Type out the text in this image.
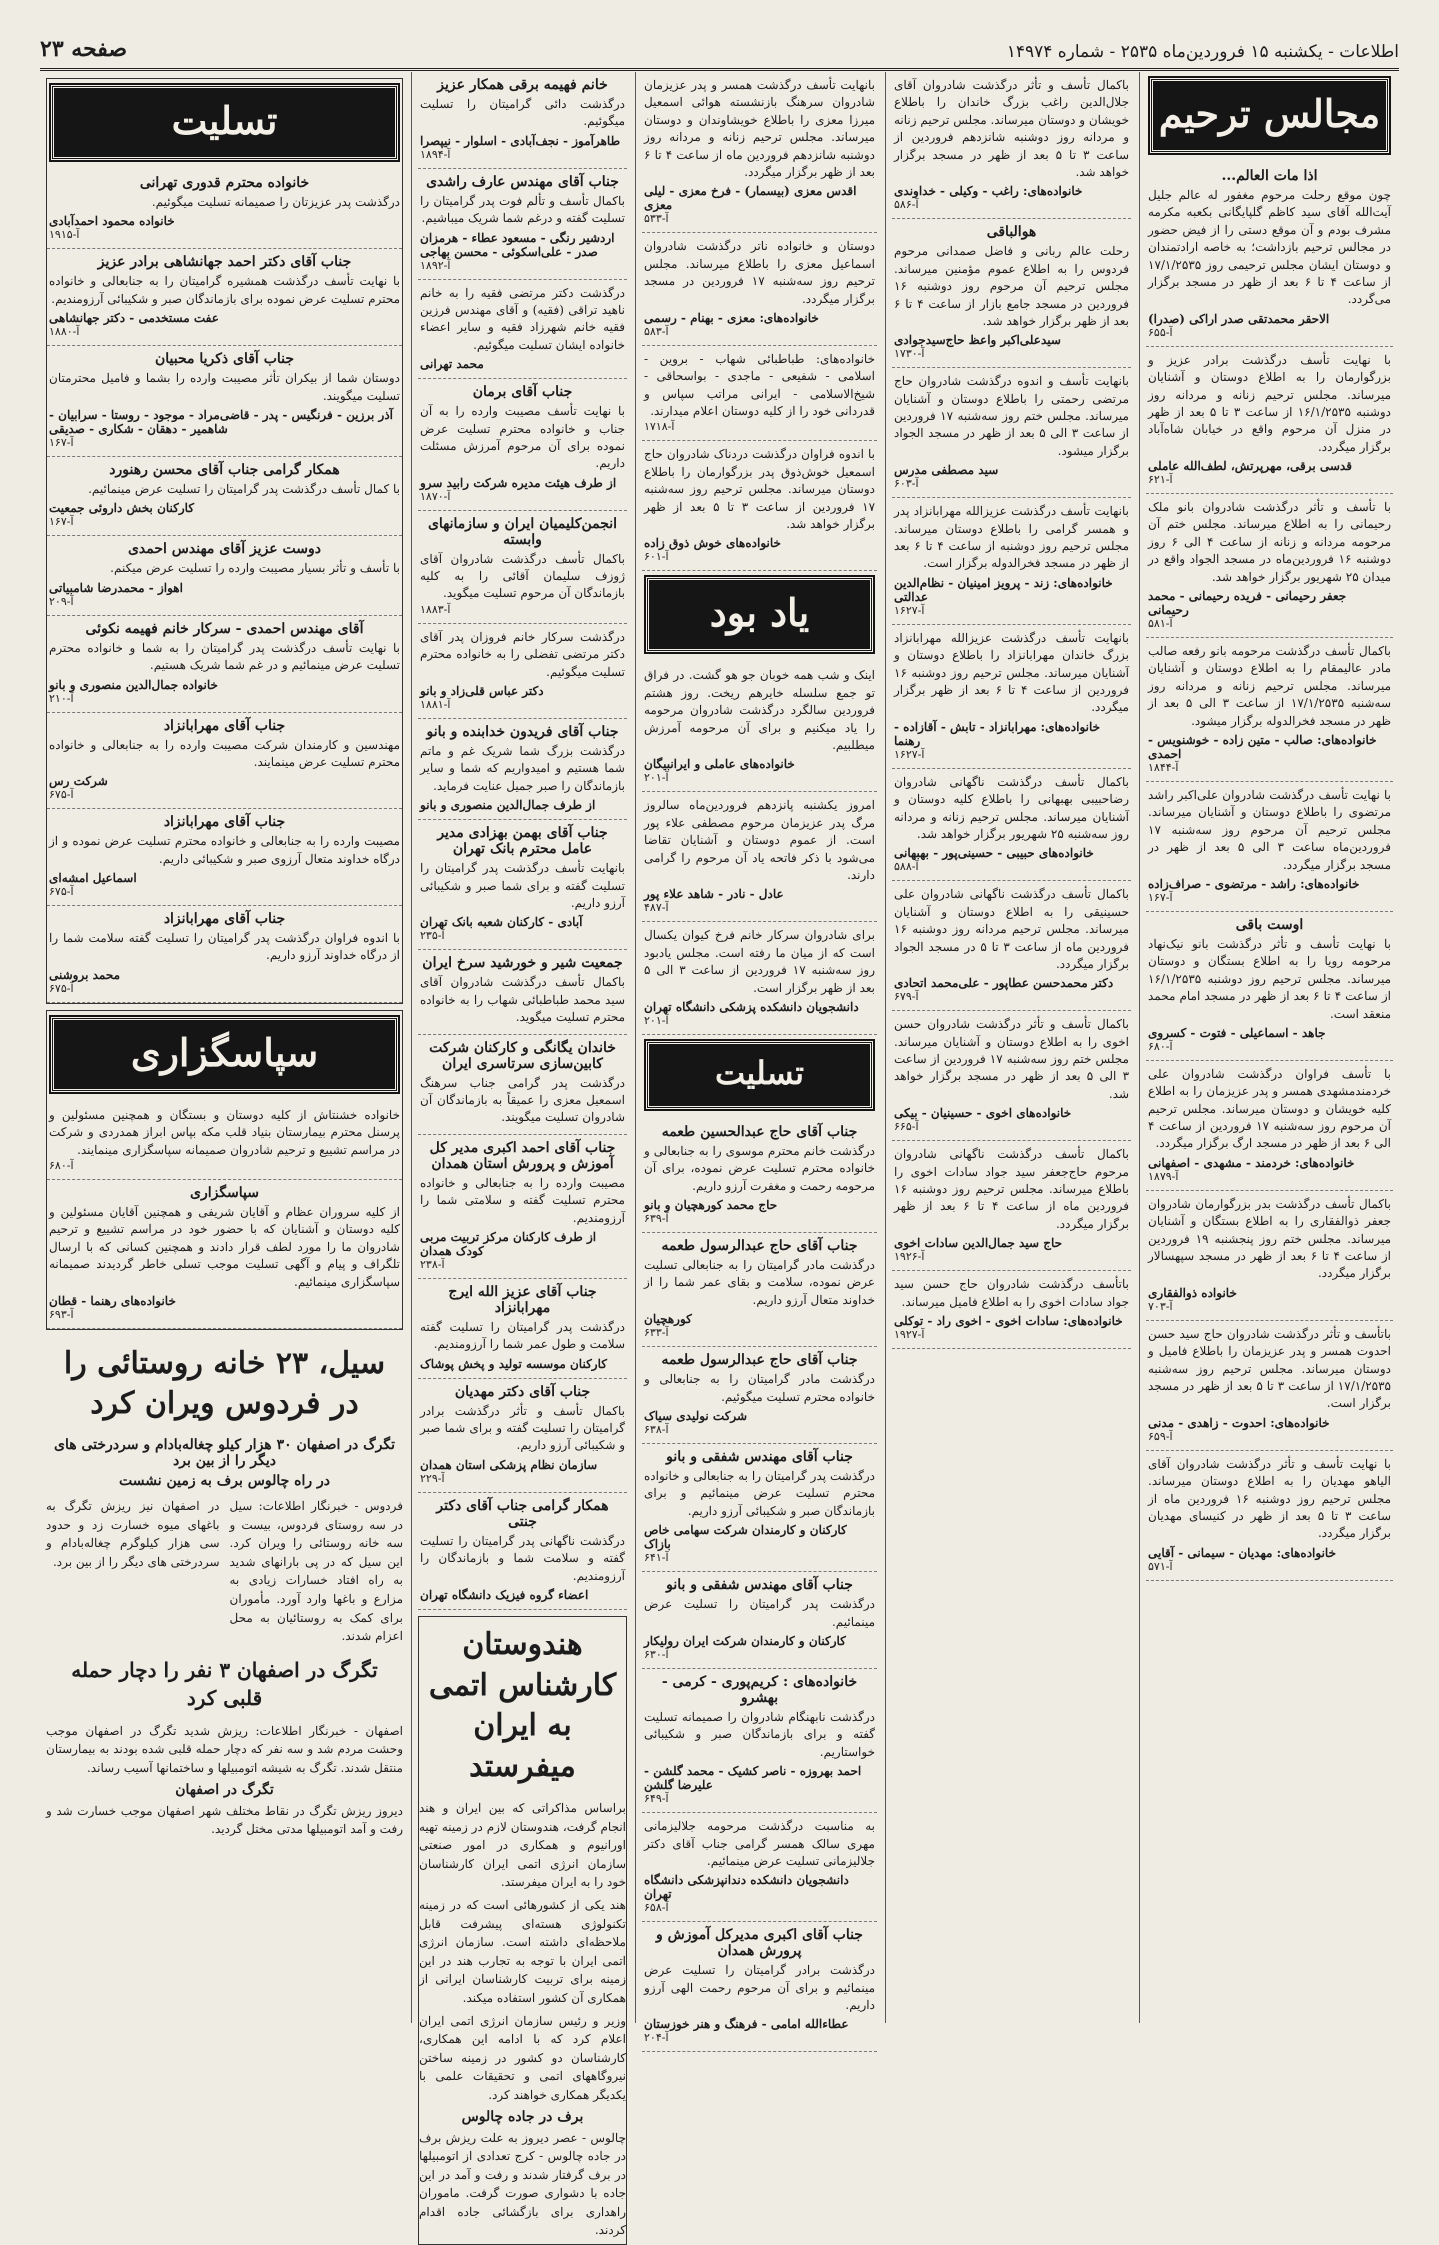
اطلاعات - یکشنبه ۱۵ فروردین‌ماه ۲۵۳۵ - شماره ۱۴۹۷۴
صفحه ۲۳
مجالس ترحیم
اذا مات العالم...
چون موقع رحلت مرحوم مغفور له عالم جلیل آیت‌الله آقای سید کاظم گلپایگانی بکعبه مکرمه مشرف بودم و آن موقع دستی را از فیض حضور در مجالس ترحیم بازداشت؛ به خاصه ارادتمندان و دوستان ایشان مجلس ترحیمی روز ۱۷/۱/۲۵۳۵ از ساعت ۴ تا ۶ بعد از ظهر در مسجد برگزار می‌گردد.
الاحقر محمدتقی صدر اراکی (صدرا)
آ-۶۵۵
با نهایت تأسف درگذشت برادر عزیز و بزرگوارمان را به اطلاع دوستان و آشنایان میرساند. مجلس ترحیم زنانه و مردانه روز دوشنبه ۱۶/۱/۲۵۳۵ از ساعت ۳ تا ۵ بعد از ظهر در منزل آن مرحوم واقع در خیابان شاه‌آباد برگزار میگردد.
قدسی برقی، مهرپرتش، لطف‌الله عاملی
آ-۶۲۱
با تأسف و تأثر درگذشت شادروان بانو ملک رحیمانی را به اطلاع میرساند. مجلس ختم آن مرحومه مردانه و زنانه از ساعت ۴ الی ۶ روز دوشنبه ۱۶ فروردین‌ماه در مسجد الجواد واقع در میدان ۲۵ شهریور برگزار خواهد شد.
جعفر رحیمانی - فریده رحیمانی - محمد رحیمانی
آ-۵۸۱
باکمال تأسف درگذشت مرحومه بانو رفعه صالب مادر عالیمقام را به اطلاع دوستان و آشنایان میرساند. مجلس ترحیم زنانه و مردانه روز سه‌شنبه ۱۷/۱/۲۵۳۵ از ساعت ۳ الی ۵ بعد از ظهر در مسجد فخرالدوله برگزار میشود.
خانواده‌های: صالب - متین زاده - خوشنویس - احمدی
آ-۱۸۴۴
با نهایت تأسف درگذشت شادروان علی‌اکبر راشد مرتضوی را باطلاع دوستان و آشنایان میرساند. مجلس ترحیم آن مرحوم روز سه‌شنبه ۱۷ فروردین‌ماه ساعت ۳ الی ۵ بعد از ظهر در مسجد برگزار میگردد.
خانواده‌های: راشد - مرتضوی - صراف‌زاده
آ-۱۶۷
اوست باقی
با نهایت تأسف و تأثر درگذشت بانو نیک‌نهاد مرحومه رویا را به اطلاع بستگان و دوستان میرساند. مجلس ترحیم روز دوشنبه ۱۶/۱/۲۵۳۵ از ساعت ۴ تا ۶ بعد از ظهر در مسجد امام محمد منعقد است.
جاهد - اسماعیلی - فتوت - کسروی
آ-۶۸۰
با تأسف فراوان درگذشت شادروان علی ‌خردمندمشهدی همسر و پدر عزیزمان را به اطلاع کلیه خویشان و دوستان میرساند. مجلس ترحیم آن مرحوم روز سه‌شنبه ۱۷ فروردین از ساعت ۴ الی ۶ بعد از ظهر در مسجد ارگ برگزار میگردد.
خانواده‌های: خردمند - مشهدی - اصفهانی
آ-۱۸۷۹
باکمال تأسف درگذشت بدر بزرگوارمان شادروان جعفر ذوالفقاری را به اطلاع بستگان و آشنایان میرساند. مجلس ختم روز پنجشنبه ۱۹ فروردین از ساعت ۴ تا ۶ بعد از ظهر در مسجد سپهسالار برگزار میگردد.
خانواده ذوالفقاری
آ-۷۰۳
باتأسف و تأثر درگذشت شادروان حاج سید حسن احدوت همسر و پدر عزیزمان را باطلاع فامیل و دوستان میرساند. مجلس ترحیم روز سه‌شنبه ۱۷/۱/۲۵۳۵ از ساعت ۳ تا ۵ بعد از ظهر در مسجد برگزار است.
خانواده‌های: احدوت - زاهدی - مدنی
آ-۶۵۹
با نهایت تأسف و تأثر درگذشت شادروان آقای الیاهو مهدیان را به اطلاع دوستان میرساند. مجلس ترحیم روز دوشنبه ۱۶ فروردین ماه از ساعت ۳ تا ۵ بعد از ظهر در کنیسای مهدیان برگزار میگردد.
خانواده‌های: مهدیان - سیمانی - آقایی
آ-۵۷۱
باکمال تأسف و تأثر درگذشت شادروان آقای جلال‌الدین راغب بزرگ خاندان را باطلاع خویشان و دوستان میرساند. مجلس ترحیم زنانه و مردانه روز دوشنبه شانزدهم فروردین از ساعت ۳ تا ۵ بعد از ظهر در مسجد برگزار خواهد شد.
خانواده‌های: راغب - وکیلی - خداوندی
آ-۵۸۶
هوالباقی
رحلت عالم ربانی و فاضل صمدانی مرحوم فردوس را به اطلاع عموم مؤمنین میرساند. مجلس ترحیم آن مرحوم روز دوشنبه ۱۶ فروردین در مسجد جامع بازار از ساعت ۴ تا ۶ بعد از ظهر برگزار خواهد شد.
سیدعلی‌اکبر واعظ حاج‌سیدجوادی
آ-۱۷۳۰
بانهایت تأسف و اندوه درگذشت شادروان حاج مرتضی رحمتی را باطلاع دوستان و آشنایان میرساند. مجلس ختم روز سه‌شنبه ۱۷ فروردین از ساعت ۳ الی ۵ بعد از ظهر در مسجد الجواد برگزار میشود.
سید مصطفی مدرس
آ-۶۰۳
بانهایت تأسف درگذشت عزیزالله مهرابانزاد پدر و همسر گرامی را باطلاع دوستان میرساند. مجلس ترحیم روز دوشنبه از ساعت ۴ تا ۶ بعد از ظهر در مسجد فخرالدوله برگزار است.
خانواده‌های: زند - پرویز امینیان - نظام‌الدین عدالتی
آ-۱۶۲۷
بانهایت تأسف درگذشت عزیزالله مهرابانزاد بزرگ خاندان مهرابانزاد را باطلاع دوستان و آشنایان میرساند. مجلس ترحیم روز دوشنبه ۱۶ فروردین از ساعت ۴ تا ۶ بعد از ظهر برگزار میگردد.
خانواده‌های: مهرابانزاد - تابش - آقازاده - رهنما
آ-۱۶۲۷
باکمال تأسف درگذشت ناگهانی شادروان رضا‌حبیبی بهبهانی را باطلاع کلیه دوستان و آشنایان میرساند. مجلس ترحیم زنانه و مردانه روز سه‌شنبه ۲۵ شهریور برگزار خواهد شد.
خانواده‌های حبیبی - حسینی‌پور - بهبهانی
آ-۵۸۸
باکمال تأسف درگذشت ناگهانی شادروان علی حسینیقی را به اطلاع دوستان و آشنایان میرساند. مجلس ترحیم مردانه روز دوشنبه ۱۶ فروردین ماه از ساعت ۳ تا ۵ در مسجد الجواد برگزار میگردد.
دکتر محمدحسن عطاپور - علی‌محمد اتحادی
آ-۶۷۹
باکمال تأسف و تأثر درگذشت شادروان حسن اخوی را به اطلاع دوستان و آشنایان میرساند. مجلس ختم روز سه‌شنبه ۱۷ فروردین از ساعت ۳ الی ۵ بعد از ظهر در مسجد برگزار خواهد شد.
خانواده‌های اخوی - حسینیان - بیکی
آ-۶۶۵
باکمال تأسف درگذشت ناگهانی شادروان مرحوم حاج‌جعفر سید جواد سادات اخوی را باطلاع میرساند. مجلس ترحیم روز دوشنبه ۱۶ فروردین ماه از ساعت ۴ تا ۶ بعد از ظهر برگزار میگردد.
حاج سید جمال‌الدین سادات اخوی
آ-۱۹۲۶
باتأسف درگذشت شادروان حاج حسن سید جواد سادات اخوی را به اطلاع فامیل میرساند.
خانواده‌های: سادات اخوی - اخوی راد - توکلی
آ-۱۹۲۷
بانهایت تأسف درگذشت همسر و پدر عزیزمان شادروان سرهنگ بازنشسته هوائی اسمعیل میرزا معزی را باطلاع خویشاوندان و دوستان میرساند. مجلس ترحیم زنانه و مردانه روز دوشنبه شانزدهم فروردین ماه از ساعت ۴ تا ۶ بعد از ظهر برگزار میگردد.
اقدس معزی (بیسمار) - فرخ معزی - لیلی معزی
آ-۵۳۳
دوستان و خانواده ناتر درگذشت شادروان اسماعیل معزی را باطلاع میرساند. مجلس ترحیم روز سه‌شنبه ۱۷ فروردین در مسجد برگزار میگردد.
خانواده‌های: معزی - بهنام - رسمی
آ-۵۸۳
خانواده‌های: طباطبائی شهاب - بروین - اسلامی - شفیعی - ماجدی - بواسحاقی - شیخ‌الاسلامی - ایرانی مراتب سپاس و قدردانی خود را از کلیه دوستان اعلام میدارند.
آ-۱۷۱۸
با اندوه فراوان درگذشت دردناک شادروان حاج اسمعیل خوش‌ذوق پدر بزرگوارمان را باطلاع دوستان میرساند. مجلس ترحیم روز سه‌شنبه ۱۷ فروردین از ساعت ۳ تا ۵ بعد از ظهر برگزار خواهد شد.
خانواده‌های خوش ذوق زاده
آ-۶۰۱
یاد بود
اینک و شب همه خوبان جو هو گشت. در فراق تو جمع سلسله خایرهم ریخت. روز هشتم فروردین سالگرد درگذشت شادروان مرحومه را یاد میکنیم و برای آن مرحومه آمرزش میطلبیم.
خانواده‌های عاملی و ایرانبیگان
آ-۲۰۱
امروز یکشنبه پانزدهم فروردین‌ماه سالروز مرگ پدر عزیزمان مرحوم مصطفی علاء پور است. از عموم دوستان و آشنایان تقاضا می‌شود با ذکر فاتحه یاد آن مرحوم را گرامی دارند.
عادل - نادر - شاهد علاء پور
آ-۴۸۷
برای شادروان سرکار خانم فرخ کیوان یکسال است که از میان ما رفته است. مجلس یادبود روز سه‌شنبه ۱۷ فروردین از ساعت ۳ الی ۵ بعد از ظهر برگزار است.
دانشجویان دانشکده پزشکی دانشگاه تهران
آ-۲۰۱
تسلیت
جناب آقای حاج عبدالحسین طعمه
درگذشت خانم محترم موسوی را به جنابعالی و خانواده محترم تسلیت عرض نموده، برای آن مرحومه رحمت و مغفرت آرزو داریم.
حاج محمد کورهچیان و بانو
آ-۶۳۹
جناب آقای حاج عبدالرسول طعمه
درگذشت مادر گرامیتان را به جنابعالی تسلیت عرض نموده، سلامت و بقای عمر شما را از خداوند متعال آرزو داریم.
کورهچیان
آ-۶۳۳
جناب آقای حاج عبدالرسول طعمه
درگذشت مادر گرامیتان را به جنابعالی و خانواده محترم تسلیت میگوئیم.
شرکت نولیدی سیاک
آ-۶۳۸
جناب آقای مهندس شفقی و بانو
درگذشت پدر گرامیتان را به جنابعالی و خانواده محترم تسلیت عرض مینمائیم و برای بازماندگان صبر و شکیبائی آرزو داریم.
کارکنان و کارمندان شرکت سهامی خاص بازاک
آ-۶۴۱
جناب آقای مهندس شفقی و بانو
درگذشت پدر گرامیتان را تسلیت عرض مینمائیم.
کارکنان و کارمندان شرکت ایران رولیکار
آ-۶۳۰
خانواده‌های : کریم‌پوری - کرمی - بهشرو
درگذشت نابهنگام شادروان را صمیمانه تسلیت گفته و برای بازماندگان صبر و شکیبائی خواستاریم.
احمد بهروزه - ناصر کشیک - محمد گلشن - علیرضا گلشن
آ-۶۴۹
به مناسبت درگذشت مرحومه جلالیزمانی مهری سالک همسر گرامی جناب آقای دکتر جلالیزمانی تسلیت عرض مینمائیم.
دانشجویان دانشکده دندانپزشکی دانشگاه تهران
آ-۶۵۸
جناب آقای اکبری مدیرکل آموزش و پرورش همدان
درگذشت برادر گرامیتان را تسلیت عرض مینمائیم و برای آن مرحوم رحمت الهی آرزو داریم.
عطاءالله امامی - فرهنگ و هنر خوزستان
آ-۲۰۴
خانم فهیمه برقی همکار عزیز
درگذشت دائی گرامیتان را تسلیت میگوئیم.
طاهرآموز - نجف‌آبادی - اسلوار - نیپصرا
آ-۱۸۹۴
جناب آقای مهندس عارف راشدی
باکمال تأسف و تألم فوت پدر گرامیتان را تسلیت گفته و درغم شما شریک میباشیم.
اردشیر رنگی - مسعود عطاء - هرمزان صدر - علی‌اسکوئی - محسن بهاجی
آ-۱۸۹۲
درگذشت دکتر مرتضی فقیه را به خانم ناهید تراقی (فقیه) و آقای مهندس فرزین فقیه خانم شهرزاد فقیه و سایر اعضاء خانواده ایشان تسلیت میگوئیم.
محمد تهرانی
جناب آقای برمان
با نهایت تأسف مصیبت وارده را به آن جناب و خانواده محترم تسلیت عرض نموده برای آن مرحوم آمرزش مسئلت داریم.
از طرف هیئت مدیره شرکت رابید سرو
آ-۱۸۷۰
انجمن‌کلیمیان ایران و سازمانهای وابسته
باکمال تأسف درگذشت شادروان آقای ژوزف سلیمان آقائی را به کلیه بازماندگان آن مرحوم تسلیت میگوید.
آ-۱۸۸۳
درگذشت سرکار خانم فروزان پدر آقای دکتر مرتضی تفضلی را به خانواده محترم تسلیت میگوئیم.
دکتر عباس قلی‌زاد و بانو
آ-۱۸۸۱
جناب آقای فریدون خدابنده و بانو
درگذشت بزرگ شما شریک غم و ماتم شما هستیم و امیدواریم که شما و سایر بازماندگان را صبر جمیل عنایت فرماید.
از طرف جمال‌الدین منصوری و بانو
جناب آقای بهمن بهزادی مدیر عامل محترم بانک تهران
بانهایت تأسف درگذشت پدر گرامیتان را تسلیت گفته و برای شما صبر و شکیبائی آرزو داریم.
آبادی - کارکنان شعبه بانک تهران
آ-۲۳۵
جمعیت شیر و خورشید سرخ ایران
باکمال تأسف درگذشت شادروان آقای سید محمد طباطبائی شهاب را به خانواده محترم تسلیت میگوید.
خاندان یگانگی و کارکنان شرکت کابین‌سازی سرتاسری ایران
درگذشت پدر گرامی جناب سرهنگ اسمعیل معزی را عمیقاً به بازماندگان آن شادروان تسلیت میگویند.
جناب آقای احمد اکبری مدیر کل آموزش و پرورش استان همدان
مصیبت وارده را به جنابعالی و خانواده محترم تسلیت گفته و سلامتی شما را آرزومندیم.
از طرف کارکنان مرکز تربیت مربی کودک همدان
آ-۲۳۸
جناب آقای عزیز الله ایرج مهرابانزاد
درگذشت پدر گرامیتان را تسلیت گفته سلامت و طول عمر شما را آرزومندیم.
کارکنان موسسه تولید و پخش پوشاک
جناب آقای دکتر مهدیان
باکمال تأسف و تأثر درگذشت برادر گرامیتان را تسلیت گفته و برای شما صبر و شکیبائی آرزو داریم.
سازمان نظام پزشکی استان همدان
آ-۲۲۹
همکار گرامی جناب آقای دکتر جنتی
درگذشت ناگهانی پدر گرامیتان را تسلیت گفته و سلامت شما و بازماندگان را آرزومندیم.
اعضاء گروه فیزیک دانشگاه تهران
هندوستان کارشناس اتمی به ایران میفرستد
براساس مذاکراتی که بین ایران و هند انجام گرفت، هندوستان لازم در زمینه تهیه اورانیوم و همکاری در امور صنعتی سازمان انرژی اتمی ایران کارشناسان خود را به ایران میفرستد.
هند یکی از کشورهائی است که در زمینه تکنولوژی هسته‌ای پیشرفت قابل ملاحظه‌ای داشته است. سازمان انرژی اتمی ایران با توجه به تجارب هند در این زمینه برای تربیت کارشناسان ایرانی از همکاری آن کشور استفاده میکند.
وزیر و رئیس سازمان انرژی اتمی ایران اعلام کرد که با ادامه این همکاری، کارشناسان دو کشور در زمینه ساختن نیروگاههای اتمی و تحقیقات علمی با یکدیگر همکاری خواهند کرد.
برف در جاده چالوس
چالوس - عصر دیروز به علت ریزش برف در جاده چالوس - کرج تعدادی از اتومبیلها در برف گرفتار شدند و رفت و آمد در این جاده با دشواری صورت گرفت. ماموران راهداری برای بازگشائی جاده اقدام کردند.
تسلیت
خانواده محترم قدوری تهرانی
درگذشت پدر عزیزتان را صمیمانه تسلیت میگوئیم.
خانواده محمود احمدآبادی
آ-۱۹۱۵
جناب آقای دکتر احمد جهانشاهی برادر عزیز
با نهایت تأسف درگذشت همشیره گرامیتان را به جنابعالی و خانواده محترم تسلیت عرض نموده برای بازماندگان صبر و شکیبائی آرزومندیم.
عفت مستخدمی - دکتر جهانشاهی
آ-۱۸۸۰
جناب آقای ذکریا محبیان
دوستان شما از بیکران تأثر مصیبت وارده را بشما و فامیل محترمتان تسلیت میگویند.
آذر برزین - فرنگیس - پدر - قاضی‌مراد - موجود - روستا - سرابیان - شاهمیر - دهقان - شکاری - صدیقی
آ-۱۶۷
همکار گرامی جناب آقای محسن رهنورد
با کمال تأسف درگذشت پدر گرامیتان را تسلیت عرض مینمائیم.
کارکنان بخش داروئی جمعیت
آ-۱۶۷
دوست عزیز آقای مهندس احمدی
با تأسف و تأثر بسیار مصیبت وارده را تسلیت عرض میکنم.
اهواز - محمدرضا شامبیاتی
آ-۲۰۹
آقای مهندس احمدی - سرکار خانم فهیمه نکوئی
با نهایت تأسف درگذشت پدر گرامیتان را به شما و خانواده محترم تسلیت عرض مینمائیم و در غم شما شریک هستیم.
خانواده جمال‌الدین منصوری و بانو
آ-۲۱۰
جناب آقای مهرابانزاد
مهندسین و کارمندان شرکت مصیبت وارده را به جنابعالی و خانواده محترم تسلیت عرض مینمایند.
شرکت رس
آ-۶۷۵
جناب آقای مهرابانزاد
مصیبت وارده را به جنابعالی و خانواده محترم تسلیت عرض نموده و از درگاه خداوند متعال آرزوی صبر و شکیبائی داریم.
اسماعیل امشه‌ای
آ-۶۷۵
جناب آقای مهرابانزاد
با اندوه فراوان درگذشت پدر گرامیتان را تسلیت گفته سلامت شما را از درگاه خداوند آرزو داریم.
محمد بروشنی
آ-۶۷۵
سپاسگزاری
خانواده خشنتاش از کلیه دوستان و بستگان و همچنین مسئولین و پرسنل محترم بیمارستان بنیاد قلب مکه بپاس ابراز همدردی و شرکت در مراسم تشییع و ترحیم شادروان صمیمانه سپاسگزاری مینمایند.
آ-۶۸۰
سپاسگزاری
از کلیه سروران عظام و آقایان شریفی و همچنین آقایان مسئولین و کلیه دوستان و آشنایان که با حضور خود در مراسم تشییع و ترحیم شادروان ما را مورد لطف قرار دادند و همچنین کسانی که با ارسال تلگراف و پیام و آگهی تسلیت موجب تسلی خاطر گردیدند صمیمانه سپاسگزاری مینمائیم.
خانواده‌های رهنما - قطان
آ-۶۹۳
سیل، ۲۳ خانه روستائی را در فردوس ویران کرد
تگرگ در اصفهان ۳۰ هزار کیلو چغاله‌بادام و سردرختی های دیگر را از بین برد
در راه چالوس برف به زمین نشست
فردوس - خبرنگار اطلاعات: سیل در سه روستای فردوس، بیست و سه خانه روستائی را ویران کرد. این سیل که در پی بارانهای شدید به راه افتاد خسارات زیادی به مزارع و باغها وارد آورد. مأموران برای کمک به روستائیان به محل اعزام شدند.
در اصفهان نیز ریزش تگرگ به باغهای میوه خسارت زد و حدود سی هزار کیلوگرم چغاله‌بادام و سردرختی های دیگر را از بین برد.
تگرگ در اصفهان ۳ نفر را دچار حمله قلبی کرد
اصفهان - خبرنگار اطلاعات: ریزش شدید تگرگ در اصفهان موجب وحشت مردم شد و سه نفر که دچار حمله قلبی شده بودند به بیمارستان منتقل شدند. تگرگ به شیشه اتومبیلها و ساختمانها آسیب رساند.
تگرگ در اصفهان
دیروز ریزش تگرگ در نقاط مختلف شهر اصفهان موجب خسارت شد و رفت و آمد اتومبیلها مدتی مختل گردید.
